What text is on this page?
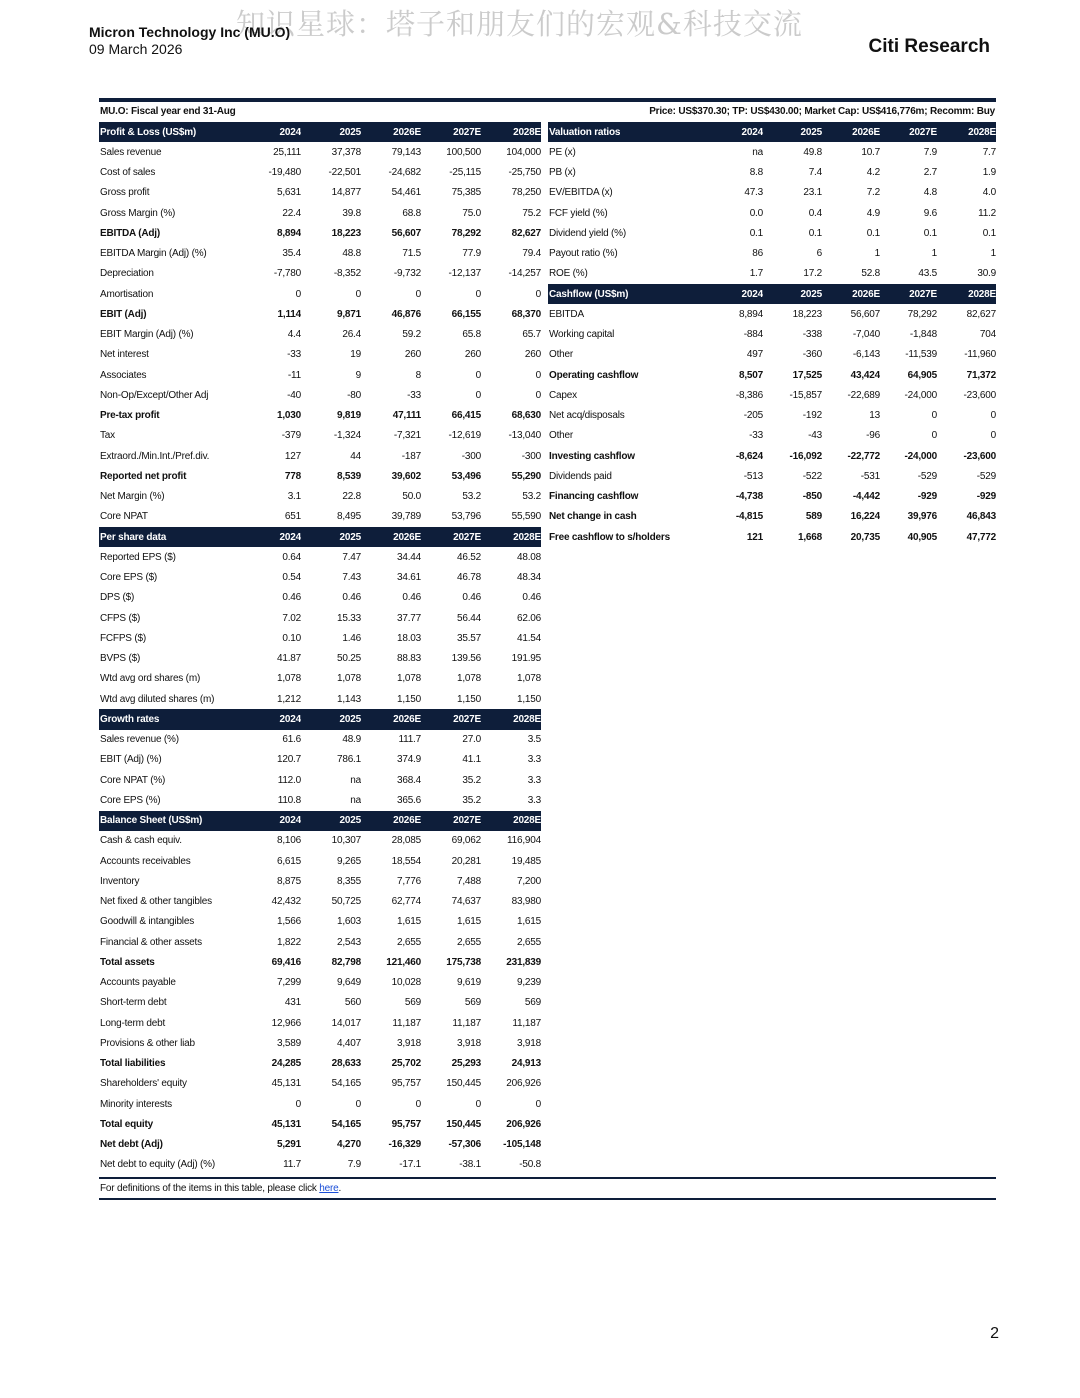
知识星球：塔子和朋友们的宏观&科技交流
Micron Technology Inc (MU.O)
09 March 2026	Citi Research
MU.O: Fiscal year end 31-Aug	Price: US$370.30; TP: US$430.00; Market Cap: US$416,776m; Recomm: Buy
Profit & Loss (US$m)	2024	2025	2026E	2027E	2028E
Sales revenue	25,111	37,378	79,143	100,500	104,000
Cost of sales	-19,480	-22,501	-24,682	-25,115	-25,750
Gross profit	5,631	14,877	54,461	75,385	78,250
Gross Margin (%)	22.4	39.8	68.8	75.0	75.2
EBITDA (Adj)	8,894	18,223	56,607	78,292	82,627
EBITDA Margin (Adj) (%)	35.4	48.8	71.5	77.9	79.4
Depreciation	-7,780	-8,352	-9,732	-12,137	-14,257
Amortisation	0	0	0	0	0
EBIT (Adj)	1,114	9,871	46,876	66,155	68,370
EBIT Margin (Adj) (%)	4.4	26.4	59.2	65.8	65.7
Net interest	-33	19	260	260	260
Associates	-11	9	8	0	0
Non-Op/Except/Other Adj	-40	-80	-33	0	0
Pre-tax profit	1,030	9,819	47,111	66,415	68,630
Tax	-379	-1,324	-7,321	-12,619	-13,040
Extraord./Min.Int./Pref.div.	127	44	-187	-300	-300
Reported net profit	778	8,539	39,602	53,496	55,290
Net Margin (%)	3.1	22.8	50.0	53.2	53.2
Core NPAT	651	8,495	39,789	53,796	55,590
Per share data	2024	2025	2026E	2027E	2028E
Reported EPS ($)	0.64	7.47	34.44	46.52	48.08
Core EPS ($)	0.54	7.43	34.61	46.78	48.34
DPS ($)	0.46	0.46	0.46	0.46	0.46
CFPS ($)	7.02	15.33	37.77	56.44	62.06
FCFPS ($)	0.10	1.46	18.03	35.57	41.54
BVPS ($)	41.87	50.25	88.83	139.56	191.95
Wtd avg ord shares (m)	1,078	1,078	1,078	1,078	1,078
Wtd avg diluted shares (m)	1,212	1,143	1,150	1,150	1,150
Growth rates	2024	2025	2026E	2027E	2028E
Sales revenue (%)	61.6	48.9	111.7	27.0	3.5
EBIT (Adj) (%)	120.7	786.1	374.9	41.1	3.3
Core NPAT (%)	112.0	na	368.4	35.2	3.3
Core EPS (%)	110.8	na	365.6	35.2	3.3
Balance Sheet (US$m)	2024	2025	2026E	2027E	2028E
Cash & cash equiv.	8,106	10,307	28,085	69,062	116,904
Accounts receivables	6,615	9,265	18,554	20,281	19,485
Inventory	8,875	8,355	7,776	7,488	7,200
Net fixed & other tangibles	42,432	50,725	62,774	74,637	83,980
Goodwill & intangibles	1,566	1,603	1,615	1,615	1,615
Financial & other assets	1,822	2,543	2,655	2,655	2,655
Total assets	69,416	82,798	121,460	175,738	231,839
Accounts payable	7,299	9,649	10,028	9,619	9,239
Short-term debt	431	560	569	569	569
Long-term debt	12,966	14,017	11,187	11,187	11,187
Provisions & other liab	3,589	4,407	3,918	3,918	3,918
Total liabilities	24,285	28,633	25,702	25,293	24,913
Shareholders' equity	45,131	54,165	95,757	150,445	206,926
Minority interests	0	0	0	0	0
Total equity	45,131	54,165	95,757	150,445	206,926
Net debt (Adj)	5,291	4,270	-16,329	-57,306	-105,148
Net debt to equity (Adj) (%)	11.7	7.9	-17.1	-38.1	-50.8
Valuation ratios	2024	2025	2026E	2027E	2028E
PE (x)	na	49.8	10.7	7.9	7.7
PB (x)	8.8	7.4	4.2	2.7	1.9
EV/EBITDA (x)	47.3	23.1	7.2	4.8	4.0
FCF yield (%)	0.0	0.4	4.9	9.6	11.2
Dividend yield (%)	0.1	0.1	0.1	0.1	0.1
Payout ratio (%)	86	6	1	1	1
ROE (%)	1.7	17.2	52.8	43.5	30.9
Cashflow (US$m)	2024	2025	2026E	2027E	2028E
EBITDA	8,894	18,223	56,607	78,292	82,627
Working capital	-884	-338	-7,040	-1,848	704
Other	497	-360	-6,143	-11,539	-11,960
Operating cashflow	8,507	17,525	43,424	64,905	71,372
Capex	-8,386	-15,857	-22,689	-24,000	-23,600
Net acq/disposals	-205	-192	13	0	0
Other	-33	-43	-96	0	0
Investing cashflow	-8,624	-16,092	-22,772	-24,000	-23,600
Dividends paid	-513	-522	-531	-529	-529
Financing cashflow	-4,738	-850	-4,442	-929	-929
Net change in cash	-4,815	589	16,224	39,976	46,843
Free cashflow to s/holders	121	1,668	20,735	40,905	47,772
For definitions of the items in this table, please click here.
2
